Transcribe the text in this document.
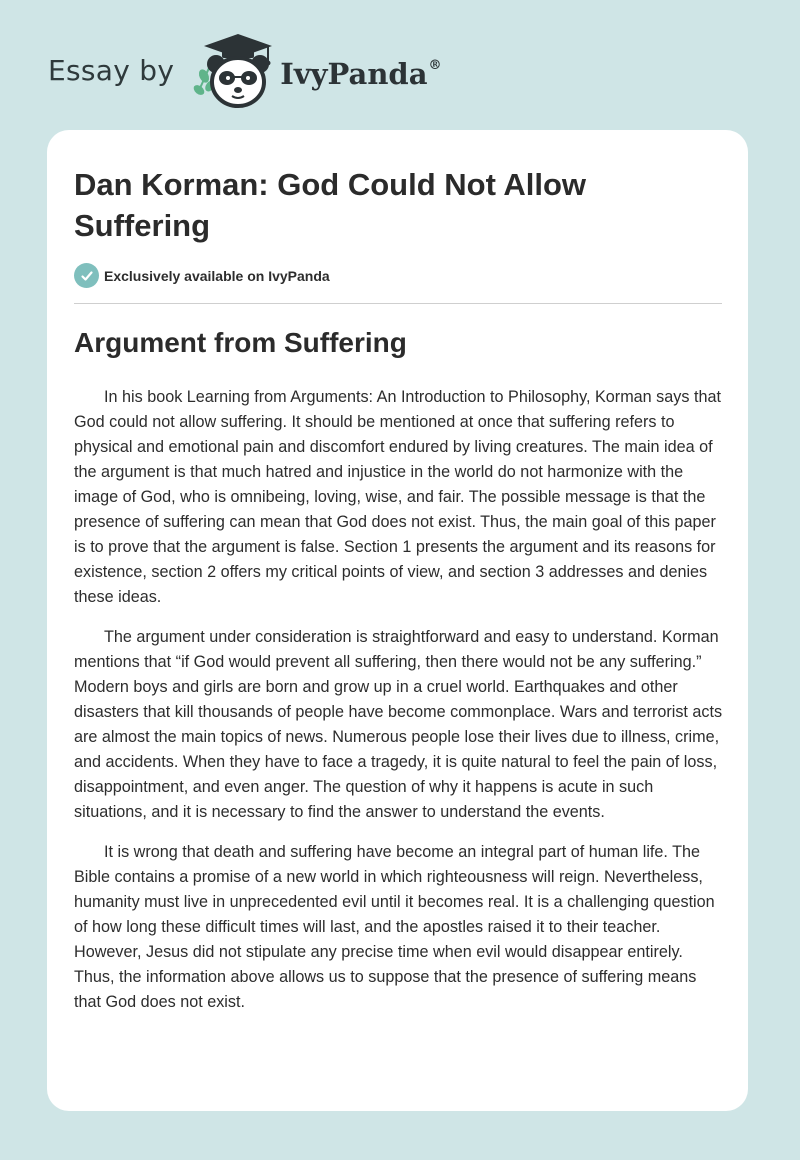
Essay by	IvyPanda®
Dan Korman: God Could Not Allow Suffering
Exclusively available on IvyPanda
Argument from Suffering

In his book Learning from Arguments: An Introduction to Philosophy, Korman says that God could not allow suffering. It should be mentioned at once that suffering refers to physical and emotional pain and discomfort endured by living creatures. The main idea of the argument is that much hatred and injustice in the world do not harmonize with the image of God, who is omnibeing, loving, wise, and fair. The possible message is that the presence of suffering can mean that God does not exist. Thus, the main goal of this paper is to prove that the argument is false. Section 1 presents the argument and its reasons for existence, section 2 offers my critical points of view, and section 3 addresses and denies these ideas.

The argument under consideration is straightforward and easy to understand. Korman mentions that “if God would prevent all suffering, then there would not be any suffering.” Modern boys and girls are born and grow up in a cruel world. Earthquakes and other disasters that kill thousands of people have become commonplace. Wars and terrorist acts are almost the main topics of news. Numerous people lose their lives due to illness, crime, and accidents. When they have to face a tragedy, it is quite natural to feel the pain of loss, disappointment, and even anger. The question of why it happens is acute in such situations, and it is necessary to find the answer to understand the events.

It is wrong that death and suffering have become an integral part of human life. The Bible contains a promise of a new world in which righteousness will reign. Nevertheless, humanity must live in unprecedented evil until it becomes real. It is a challenging question of how long these difficult times will last, and the apostles raised it to their teacher. However, Jesus did not stipulate any precise time when evil would disappear entirely. Thus, the information above allows us to suppose that the presence of suffering means that God does not exist.
